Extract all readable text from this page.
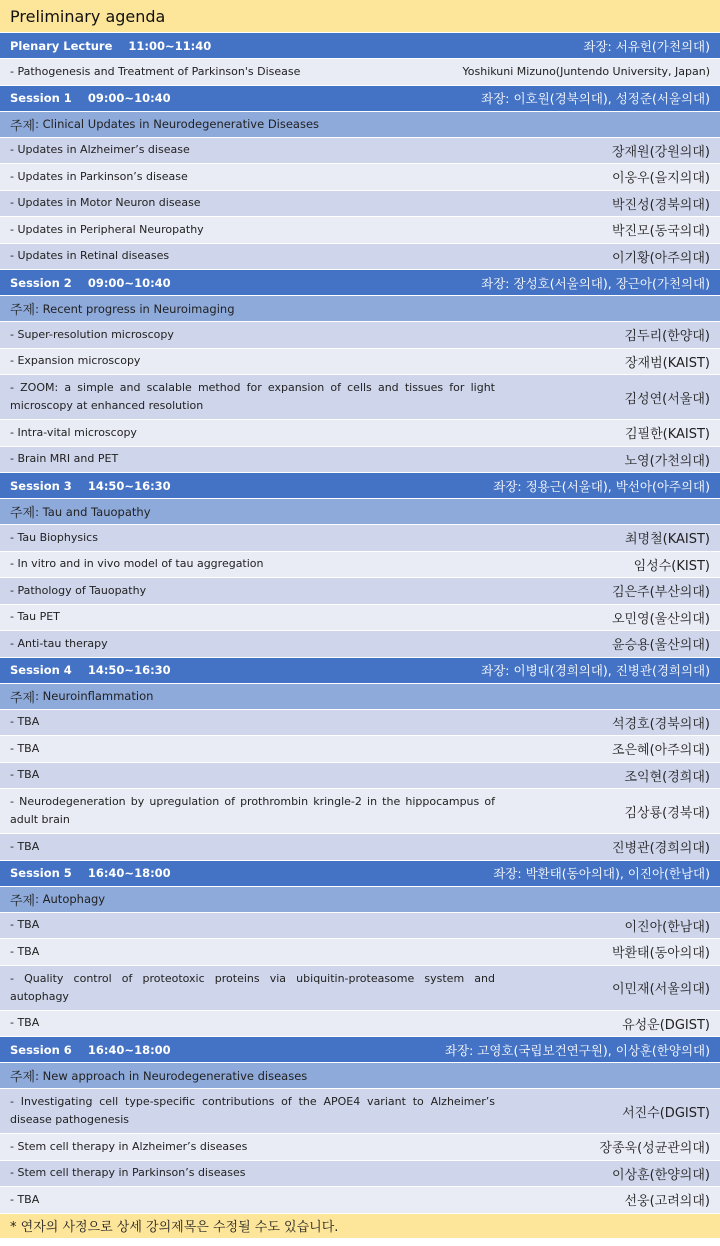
Preliminary agenda
Plenary Lecture    11:00~11:40	좌장: 서유헌(가천의대)
- Pathogenesis and Treatment of Parkinson's Disease	Yoshikuni Mizuno(Juntendo University, Japan)
Session 1    09:00~10:40	좌장: 이호원(경북의대), 성정준(서울의대)
주제 : Clinical Updates in Neurodegenerative Diseases
- Updates in Alzheimer’s disease	장재원(강원의대)
- Updates in Parkinson’s disease	이웅우(을지의대)
- Updates in Motor Neuron disease	박진성(경북의대)
- Updates in Peripheral Neuropathy	박진모(동국의대)
- Updates in Retinal diseases	이기황(아주의대)
Session 2    09:00~10:40	좌장: 장성호(서울의대), 장근아(가천의대)
주제 : Recent progress in Neuroimaging
- Super-resolution microscopy	김두리(한양대)
- Expansion microscopy	장재범(KAIST)
- ZOOM: a simple and scalable method for expansion of cells and tissues for light microscopy at enhanced resolution	김성연(서울대)
- Intra-vital microscopy	김필한(KAIST)
- Brain MRI and PET	노영(가천의대)
Session 3    14:50~16:30	좌장: 정용근(서울대), 박선아(아주의대)
주제 : Tau and Tauopathy
- Tau Biophysics	최명철(KAIST)
- In vitro and in vivo model of tau aggregation	임성수(KIST)
- Pathology of Tauopathy	김은주(부산의대)
- Tau PET	오민영(울산의대)
- Anti-tau therapy	윤승용(울산의대)
Session 4    14:50~16:30	좌장: 이병대(경희의대), 진병관(경희의대)
주제 : Neuroinflammation
- TBA	석경호(경북의대)
- TBA	조은혜(아주의대)
- TBA	조익현(경희대)
- Neurodegeneration by upregulation of prothrombin kringle-2 in the hippocampus of adult brain	김상룡(경북대)
- TBA	진병관(경희의대)
Session 5    16:40~18:00	좌장: 박환태(동아의대), 이진아(한남대)
주제 : Autophagy
- TBA	이진아(한남대)
- TBA	박환태(동아의대)
- Quality control of proteotoxic proteins via ubiquitin-proteasome system and autophagy	이민재(서울의대)
- TBA	유성운(DGIST)
Session 6    16:40~18:00	좌장: 고영호(국립보건연구원), 이상훈(한양의대)
주제 : New approach in Neurodegenerative diseases
- Investigating cell type-specific contributions of the APOE4 variant to Alzheimer’s disease pathogenesis	서진수(DGIST)
- Stem cell therapy in Alzheimer’s diseases	장종욱(성균관의대)
- Stem cell therapy in Parkinson’s diseases	이상훈(한양의대)
- TBA	선웅(고려의대)
* 연자의 사정으로 상세 강의제목은 수정될 수도 있습니다.
